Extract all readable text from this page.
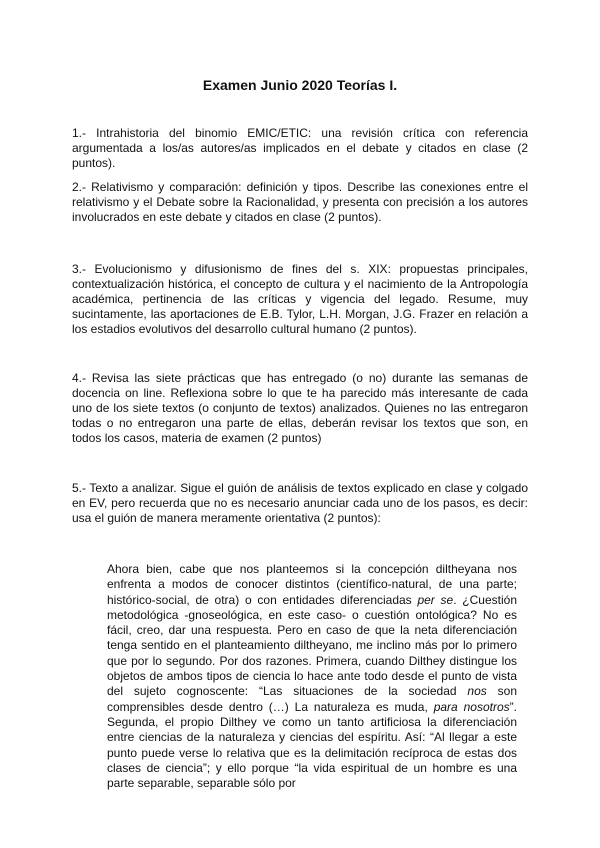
Examen Junio 2020 Teorías I.

1.- Intrahistoria del binomio EMIC/ETIC: una revisión crítica con referencia argumentada a los/as autores/as implicados en el debate y citados en clase (2 puntos).

2.- Relativismo y comparación: definición y tipos. Describe las conexiones entre el relativismo y el Debate sobre la Racionalidad, y presenta con precisión a los autores involucrados en este debate y citados en clase (2 puntos).

3.- Evolucionismo y difusionismo de fines del s. XIX: propuestas principales, contextualización histórica, el concepto de cultura y el nacimiento de la Antropología académica, pertinencia de las críticas y vigencia del legado. Resume, muy sucintamente, las aportaciones de E.B. Tylor, L.H. Morgan, J.G. Frazer en relación a los estadios evolutivos del desarrollo cultural humano (2 puntos).

4.- Revisa las siete prácticas que has entregado (o no) durante las semanas de docencia on line. Reflexiona sobre lo que te ha parecido más interesante de cada uno de los siete textos (o conjunto de textos) analizados. Quienes no las entregaron todas o no entregaron una parte de ellas, deberán revisar los textos que son, en todos los casos, materia de examen (2 puntos)

5.- Texto a analizar. Sigue el guión de análisis de textos explicado en clase y colgado en EV, pero recuerda que no es necesario anunciar cada uno de los pasos, es decir: usa el guión de manera meramente orientativa (2 puntos):

Ahora bien, cabe que nos planteemos si la concepción diltheyana nos enfrenta a modos de conocer distintos (científico-natural, de una parte; histórico-social, de otra) o con entidades diferenciadas per se. ¿Cuestión metodológica -gnoseológica, en este caso- o cuestión ontológica? No es fácil, creo, dar una respuesta. Pero en caso de que la neta diferenciación tenga sentido en el planteamiento diltheyano, me inclino más por lo primero que por lo segundo. Por dos razones. Primera, cuando Dilthey distingue los objetos de ambos tipos de ciencia lo hace ante todo desde el punto de vista del sujeto cognoscente: “Las situaciones de la sociedad nos son comprensibles desde dentro (…) La naturaleza es muda, para nosotros”. Segunda, el propio Dilthey ve como un tanto artificiosa la diferenciación entre ciencias de la naturaleza y ciencias del espíritu. Así: “Al llegar a este punto puede verse lo relativa que es la delimitación recíproca de estas dos clases de ciencia”; y ello porque “la vida espiritual de un hombre es una parte separable, separable sólo por
